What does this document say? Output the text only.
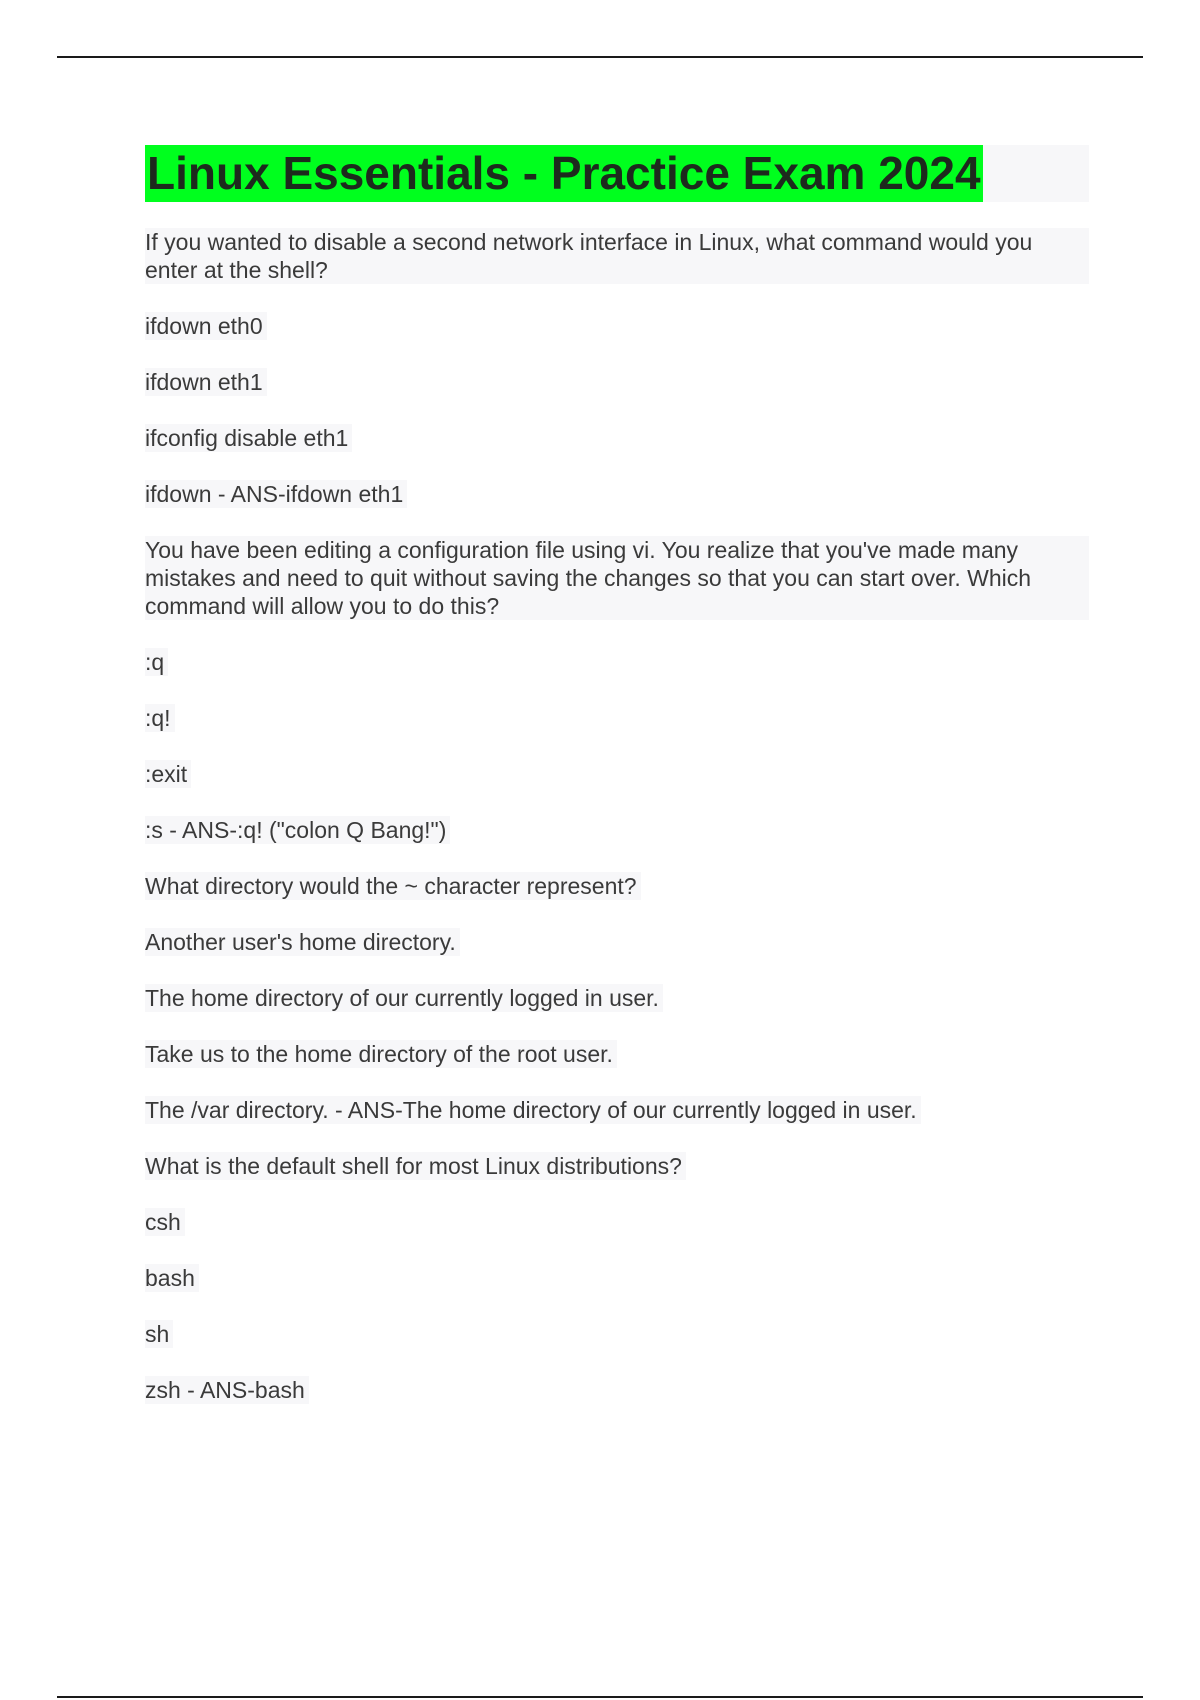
Linux Essentials - Practice Exam 2024
If you wanted to disable a second network interface in Linux, what command would you enter at the shell?
ifdown eth0
ifdown eth1
ifconfig disable eth1
ifdown - ANS-ifdown eth1
You have been editing a configuration file using vi. You realize that you've made many mistakes and need to quit without saving the changes so that you can start over. Which command will allow you to do this?
:q
:q!
:exit
:s - ANS-:q! ("colon Q Bang!")
What directory would the ~ character represent?
Another user's home directory.
The home directory of our currently logged in user.
Take us to the home directory of the root user.
The /var directory. - ANS-The home directory of our currently logged in user.
What is the default shell for most Linux distributions?
csh
bash
sh
zsh - ANS-bash
